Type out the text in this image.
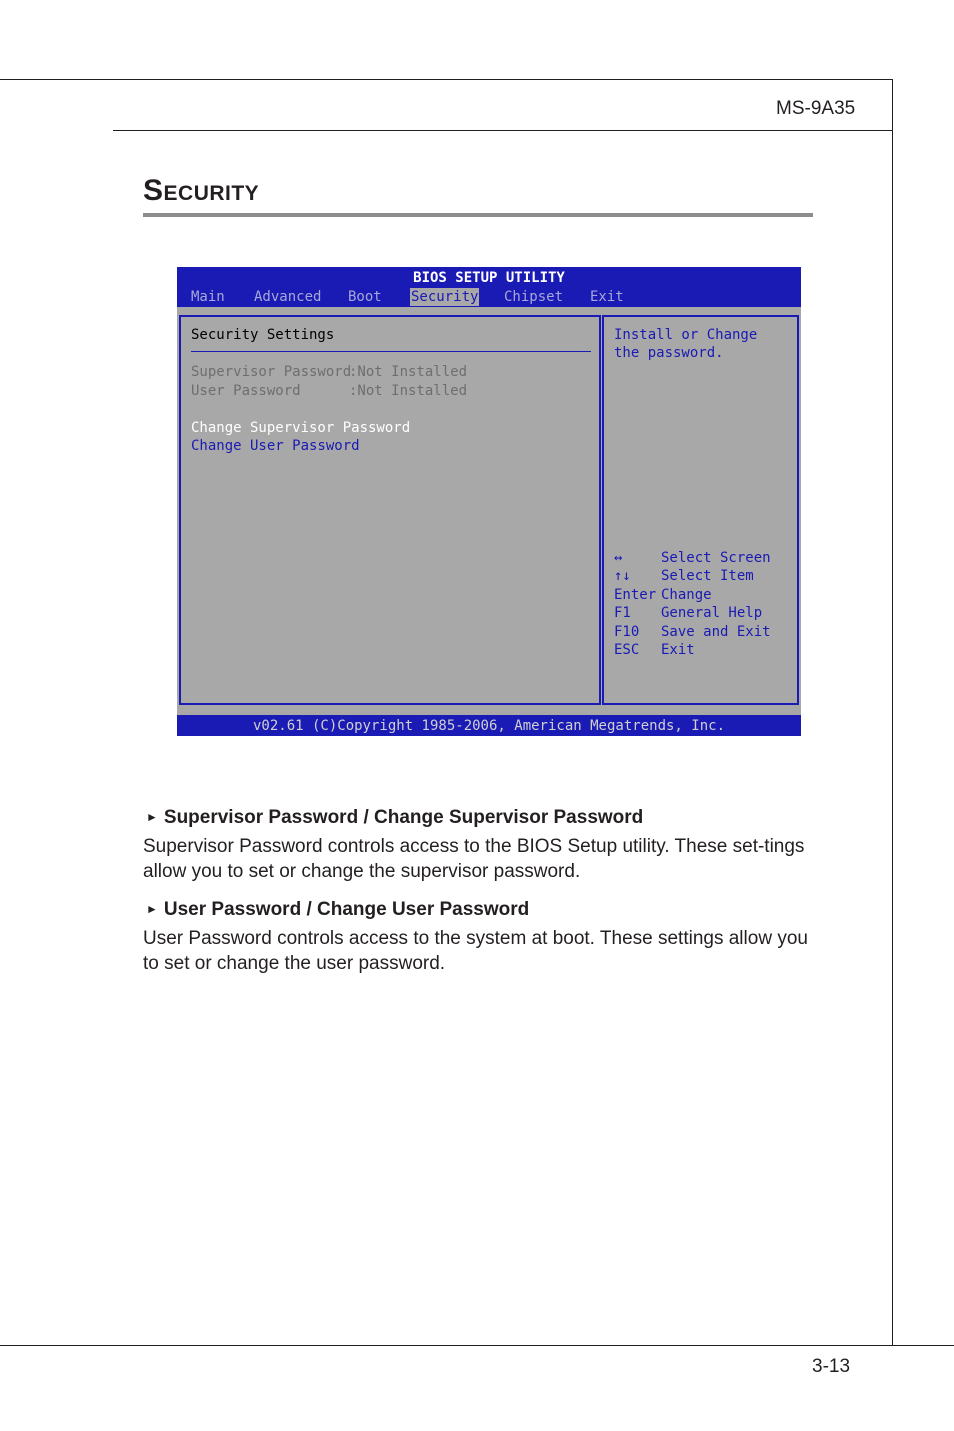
MS-9A35
SECURITY
BIOS SETUP UTILITY
Main Advanced Boot Security Chipset Exit
Security Settings
Supervisor Password
:Not Installed
User Password	:Not Installed
Change Supervisor Password
Change User Password
Install or Change the password.
↔	Select Screen
↑↓ Select Item
Enter Change
F1 General Help
F10 Save and Exit
ESC Exit
v02.61 (C)Copyright 1985-2006, American Megatrends, Inc.
► Supervisor Password / Change Supervisor Password
Supervisor Password controls access to the BIOS Setup utility. These set-tings allow you to set or change the supervisor password.
► User Password / Change User Password
User Password controls access to the system at boot. These settings allow you to set or change the user password.
3-13
